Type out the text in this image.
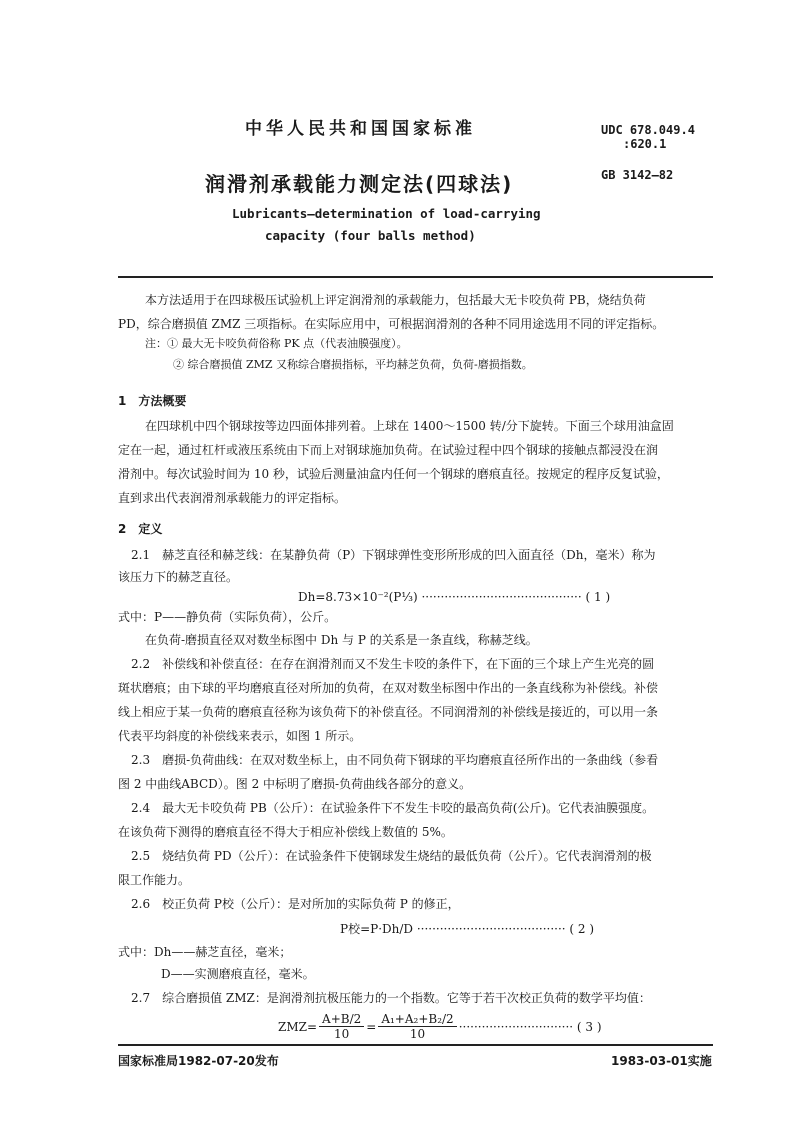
中华人民共和国国家标准	UDC 678.049.4
:620.1
润滑剂承载能力测定法(四球法)	GB 3142—82
Lubricants—determination of load-carrying
capacity (four balls method)
本方法适用于在四球极压试验机上评定润滑剂的承载能力，包括最大无卡咬负荷 PB，烧结负荷
PD，综合磨损值 ZMZ 三项指标。在实际应用中，可根据润滑剂的各种不同用途选用不同的评定指标。
注：① 最大无卡咬负荷俗称 PK 点（代表油膜强度）。
② 综合磨损值 ZMZ 又称综合磨损指标，平均赫芝负荷，负荷-磨损指数。
1　方法概要
在四球机中四个钢球按等边四面体排列着。上球在 1400～1500 转/分下旋转。下面三个球用油盒固
定在一起，通过杠杆或液压系统由下而上对钢球施加负荷。在试验过程中四个钢球的接触点都浸没在润
滑剂中。每次试验时间为 10 秒，试验后测量油盒内任何一个钢球的磨痕直径。按规定的程序反复试验，
直到求出代表润滑剂承载能力的评定指标。
2　定义
2.1　赫芝直径和赫芝线：在某静负荷（P）下钢球弹性变形所形成的凹入面直径（Dh，毫米）称为
该压力下的赫芝直径。
Dh=8.73×10⁻²(P⅓) ·········································· ( 1 )
式中：P——静负荷（实际负荷），公斤。
在负荷-磨损直径双对数坐标图中 Dh 与 P 的关系是一条直线，称赫芝线。
2.2　补偿线和补偿直径：在存在润滑剂而又不发生卡咬的条件下，在下面的三个球上产生光亮的圆
斑状磨痕；由下球的平均磨痕直径对所加的负荷，在双对数坐标图中作出的一条直线称为补偿线。补偿
线上相应于某一负荷的磨痕直径称为该负荷下的补偿直径。不同润滑剂的补偿线是接近的，可以用一条
代表平均斜度的补偿线来表示，如图 1 所示。
2.3　磨损-负荷曲线：在双对数坐标上，由不同负荷下钢球的平均磨痕直径所作出的一条曲线（参看
图 2 中曲线ABCD）。图 2 中标明了磨损-负荷曲线各部分的意义。
2.4　最大无卡咬负荷 PB（公斤）：在试验条件下不发生卡咬的最高负荷(公斤)。它代表油膜强度。
在该负荷下测得的磨痕直径不得大于相应补偿线上数值的 5%。
2.5　烧结负荷 PD（公斤）：在试验条件下使钢球发生烧结的最低负荷（公斤）。它代表润滑剂的极
限工作能力。
2.6　校正负荷 P校（公斤）：是对所加的实际负荷 P 的修正，
P校=P·Dh/D ······································· ( 2 )
式中：Dh——赫芝直径，毫米；
D——实测磨痕直径，毫米。
2.7　综合磨损值 ZMZ：是润滑剂抗极压能力的一个指数。它等于若干次校正负荷的数学平均值：
$ZMZ= \frac{A+B/2}{10} = \frac{\text{A₁+A₂+B₂/2}}{10}$ ······························ ( 3 )
国家标准局1982-07-20发布	1983-03-01实施
